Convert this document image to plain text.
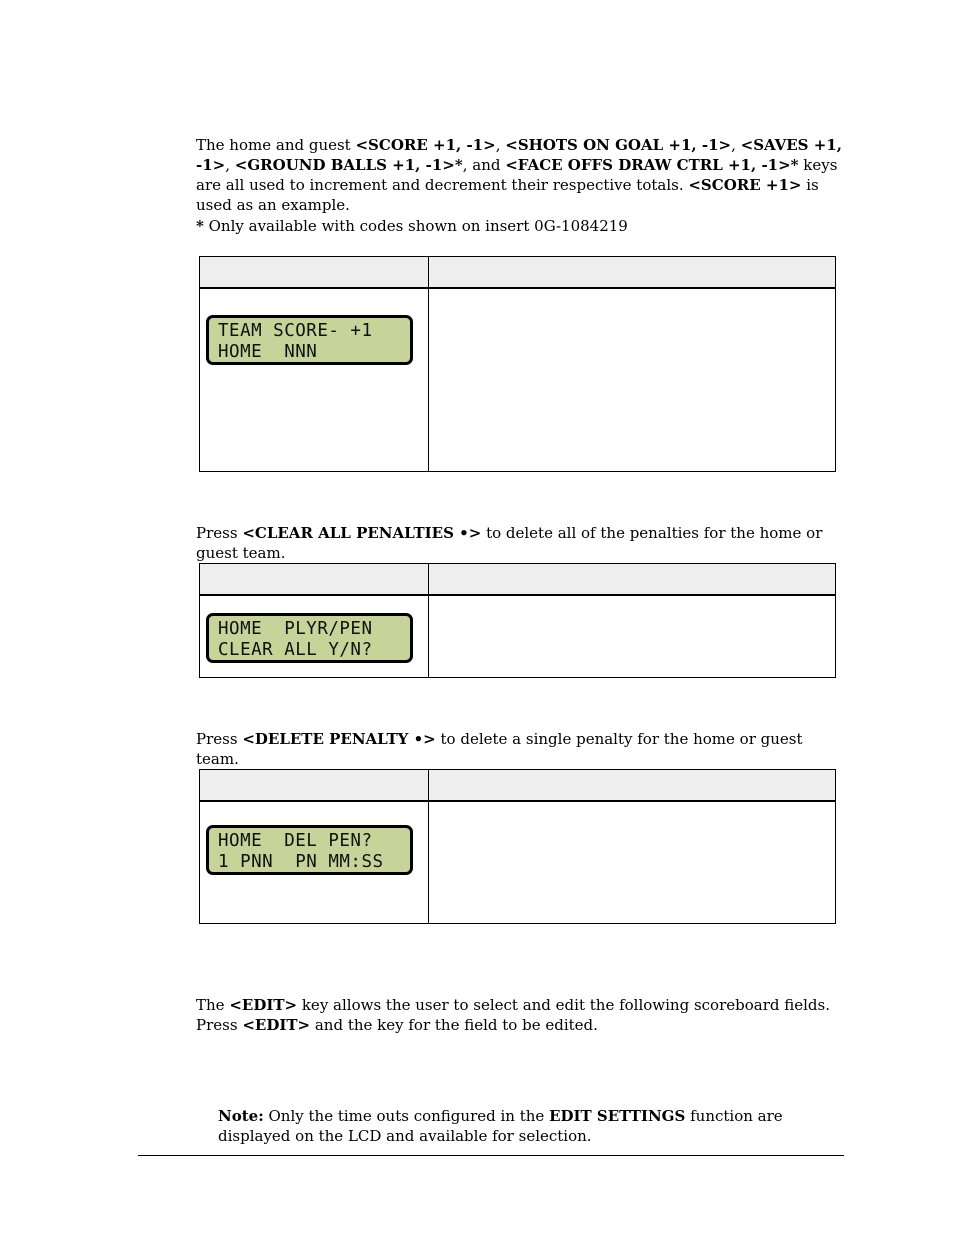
The home and guest <SCORE +1, -1>, <SHOTS ON GOAL +1, -1>, <SAVES +1, -1>, <GROUND BALLS +1, -1>*, and <FACE OFFS DRAW CTRL +1, -1>* keys are all used to increment and decrement their respective totals. <SCORE +1> is used as an example.

* Only available with codes shown on insert 0G-1084219

TEAM SCORE- +1
HOME  NNN	

Press <CLEAR ALL PENALTIES •> to delete all of the penalties for the home or guest team.

HOME  PLYR/PEN
CLEAR ALL Y/N?	

Press <DELETE PENALTY •> to delete a single penalty for the home or guest team.

HOME  DEL PEN?
1 PNN  PN MM:SS	

The <EDIT> key allows the user to select and edit the following scoreboard fields.
Press <EDIT> and the key for the field to be edited.

Note: Only the time outs configured in the EDIT SETTINGS function are displayed on the LCD and available for selection.
